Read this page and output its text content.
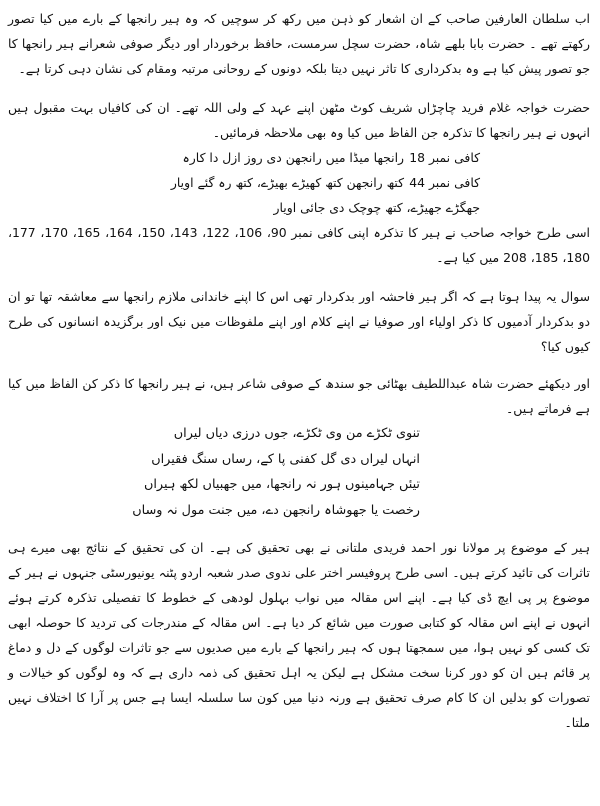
اب سلطان العارفین صاحب کے ان اشعار کو ذہن میں رکھ کر سوچیں کہ وہ ہیر رانجھا کے بارے میں کیا تصور رکھتے تھے ۔ حضرت بابا بلھے شاہ، حضرت سچل سرمست، حافظ برخوردار اور دیگر صوفی شعرانے ہیر رانجھا کا جو تصور پیش کیا ہے وہ بدکرداری کا تاثر نہیں دیتا بلکہ دونوں کے روحانی مرتبہ ومقام کی نشان دہی کرتا ہے۔

حضرت خواجہ غلام فرید چاچڑاں شریف کوٹ مٹھن اپنے عہد کے ولی اللہ تھے۔ ان کی کافیاں بہت مقبول ہیں انہوں نے ہیر رانجھا کا تذکرہ جن الفاظ میں کیا وہ بھی ملاحظہ فرمائیں۔

کافی نمبر 18 رانجھا میڈا میں رانجھن دی روز ازل دا کارہ

کافی نمبر 44 کتھ رانجھن کتھ کھیڑے بھیڑے، کتھ رہ گئے اویار

جھگڑے جھیڑے، کتھ چوچک دی جائی اویار

اسی طرح خواجہ صاحب نے ہیر کا تذکرہ اپنی کافی نمبر 90، 106، 122، 143، 150، 164، 165، 170، 177، 180، 185، 208 میں کیا ہے۔

سوال یہ پیدا ہوتا ہے کہ اگر ہیر فاحشہ اور بدکردار تھی اس کا اپنے خاندانی ملازم رانجھا سے معاشقہ تھا تو ان دو بدکردار آدمیوں کا ذکر اولیاء اور صوفیا نے اپنے کلام اور اپنے ملفوظات میں نیک اور برگزیدہ انسانوں کی طرح کیوں کیا؟

اور دیکھئے حضرت شاہ عبداللطیف بھٹائی جو سندھ کے صوفی شاعر ہیں، نے ہیر رانجھا کا ذکر کن الفاظ میں کیا ہے فرماتے ہیں۔

تنوی ٹکڑے من وی ٹکڑے، جوں درزی دیاں لیراں

انہاں لیراں دی گل کفنی پا کے، رساں سنگ فقیراں

تیئں جہامینوں ہور نہ رانجھا، میں جھبیاں لکھ ہیراں

رخصت یا جھوشاہ رانجھن دے، میں جنت مول نہ وساں

ہیر کے موضوع پر مولانا نور احمد فریدی ملتانی نے بھی تحقیق کی ہے۔ ان کی تحقیق کے نتائج بھی میرے ہی تاثرات کی تائید کرتے ہیں۔ اسی طرح پروفیسر اختر علی ندوی صدر شعبہ اردو پٹنہ یونیورسٹی جنہوں نے ہیر کے موضوع پر پی ایچ ڈی کیا ہے۔ اپنے اس مقالہ میں نواب بہلول لودھی کے خطوط کا تفصیلی تذکرہ کرتے ہوئے انہوں نے اپنے اس مقالہ کو کتابی صورت میں شائع کر دیا ہے۔ اس مقالہ کے مندرجات کی تردید کا حوصلہ ابھی تک کسی کو نہیں ہوا، میں سمجھتا ہوں کہ ہیر رانجھا کے بارے میں صدیوں سے جو تاثرات لوگوں کے دل و دماغ پر قائم ہیں ان کو دور کرنا سخت مشکل ہے لیکن یہ اہل تحقیق کی ذمہ داری ہے کہ وہ لوگوں کو خیالات و تصورات کو بدلیں ان کا کام صرف تحقیق ہے ورنہ دنیا میں کون سا سلسلہ ایسا ہے جس پر آرا کا اختلاف نہیں ملتا۔
